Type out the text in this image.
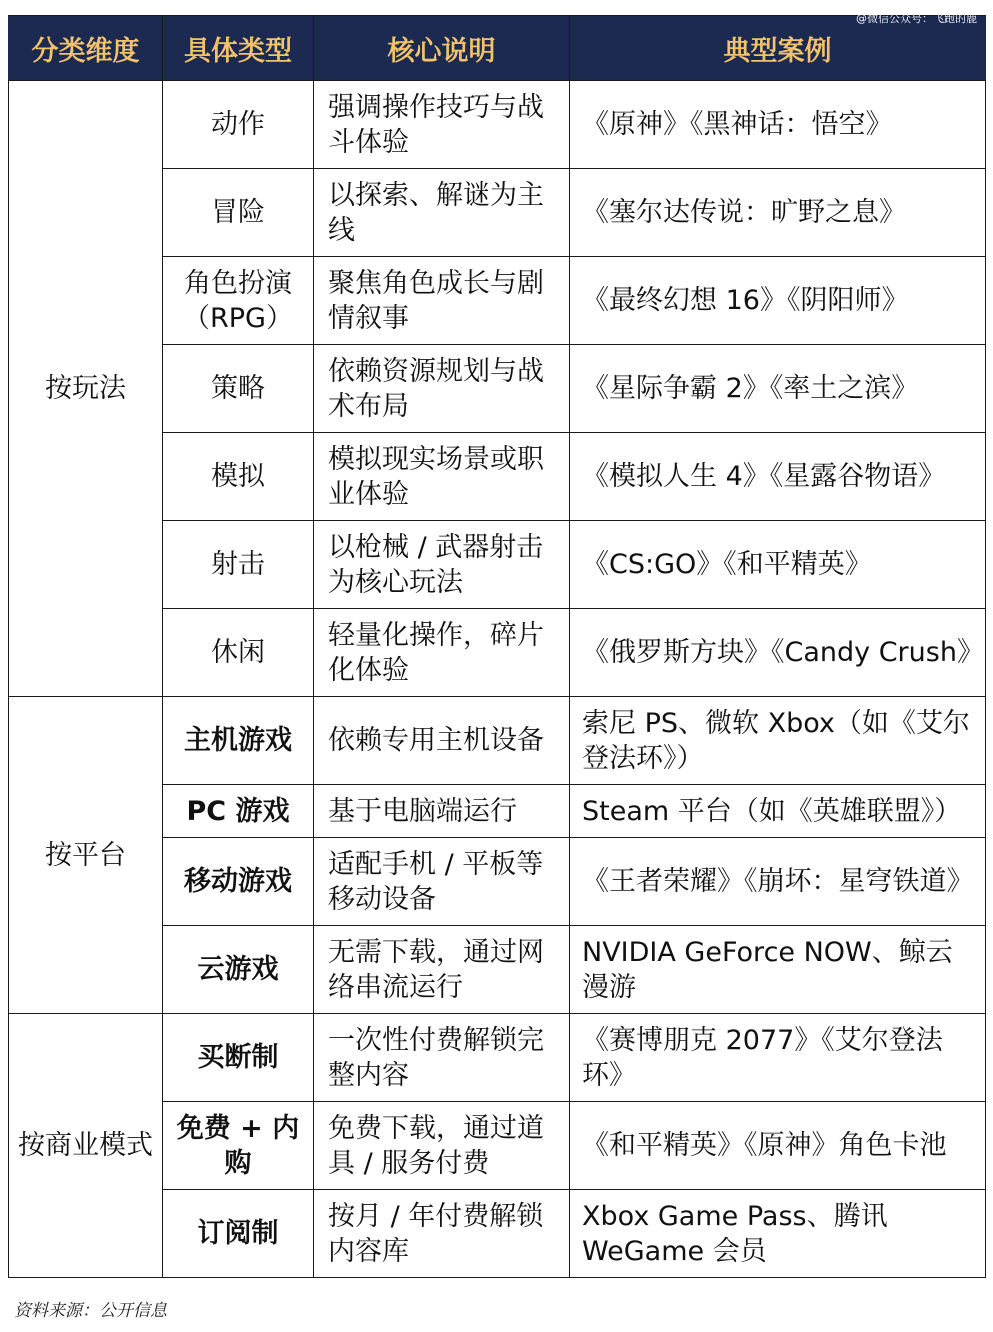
@微信公众号：飞跑的鹿
分类维度	具体类型	核心说明	典型案例
按玩法	动作	强调操作技巧与战斗体验	《原神》《黑神话：悟空》
	冒险	以探索、解谜为主线	《塞尔达传说：旷野之息》
	角色扮演（RPG）	聚焦角色成长与剧情叙事	《最终幻想 16》《阴阳师》
	策略	依赖资源规划与战术布局	《星际争霸 2》《率土之滨》
	模拟	模拟现实场景或职业体验	《模拟人生 4》《星露谷物语》
	射击	以枪械 / 武器射击为核心玩法	《CS:GO》《和平精英》
	休闲	轻量化操作，碎片化体验	《俄罗斯方块》《Candy Crush》
按平台	主机游戏	依赖专用主机设备	索尼 PS、微软 Xbox（如《艾尔登法环》）
	PC 游戏	基于电脑端运行	Steam 平台（如《英雄联盟》）
	移动游戏	适配手机 / 平板等移动设备	《王者荣耀》《崩坏：星穹铁道》
	云游戏	无需下载，通过网络串流运行	NVIDIA GeForce NOW、鲸云漫游
按商业模式	买断制	一次性付费解锁完整内容	《赛博朋克 2077》《艾尔登法环》
	免费 + 内购	免费下载，通过道具 / 服务付费	《和平精英》《原神》角色卡池
	订阅制	按月 / 年付费解锁内容库	Xbox Game Pass、腾讯 WeGame 会员
资料来源：公开信息
